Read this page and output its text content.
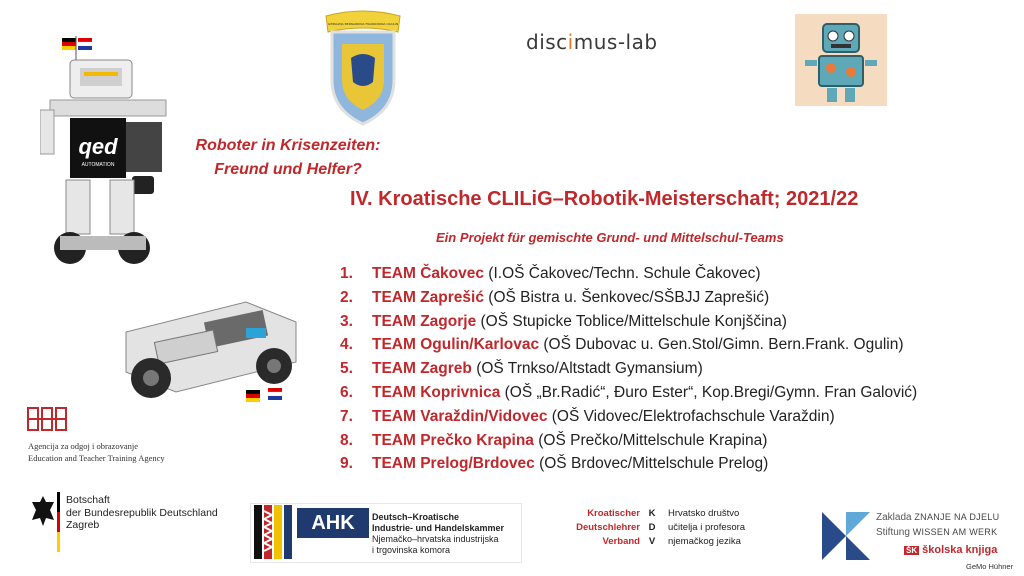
qed
AUTOMATION
GIMNAZIJA BERNARDINA FRANKOPANA OGULIN
discimus-lab
Roboter in Krisenzeiten:
Freund und Helfer?
IV. Kroatische CLILiG–Robotik-Meisterschaft; 2021/22
Ein Projekt für gemischte Grund- und Mittelschul-Teams
1. TEAM Čakovec (I.OŠ Čakovec/Techn. Schule Čakovec)
2. TEAM Zaprešić (OŠ Bistra u. Šenkovec/SŠBJJ Zaprešić)
3. TEAM Zagorje (OŠ Stupicke Toblice/Mittelschule Konjščina)
4. TEAM Ogulin/Karlovac (OŠ Dubovac u. Gen.Stol/Gimn. Bern.Frank. Ogulin)
5. TEAM Zagreb (OŠ Trnkso/Altstadt Gymansium)
6. TEAM Koprivnica (OŠ „Br.Radić“, Đuro Ester“, Kop.Bregi/Gymn. Fran Galović)
7. TEAM Varaždin/Vidovec (OŠ Vidovec/Elektrofachschule Varaždin)
8. TEAM Prečko Krapina (OŠ Prečko/Mittelschule Krapina)
9. TEAM Prelog/Brdovec (OŠ Brdovec/Mittelschule Prelog)
Agencija za odgoj i obrazovanje
Education and Teacher Training Agency
Botschaft
der Bundesrepublik Deutschland
Zagreb	AHK	Deutsch–Kroatische
Industrie- und Handelskammer
Njemačko–hrvatska industrijska
i trgovinska komora
Kroatischer
Deutschlehrer
Verband
K
D
V
Hrvatsko društvo
učitelja i profesora
njemačkog jezika
Zaklada ZNANJE NA DJELU
Stiftung WISSEN AM WERK
ŠK školska knjiga
GeMo Hühner
